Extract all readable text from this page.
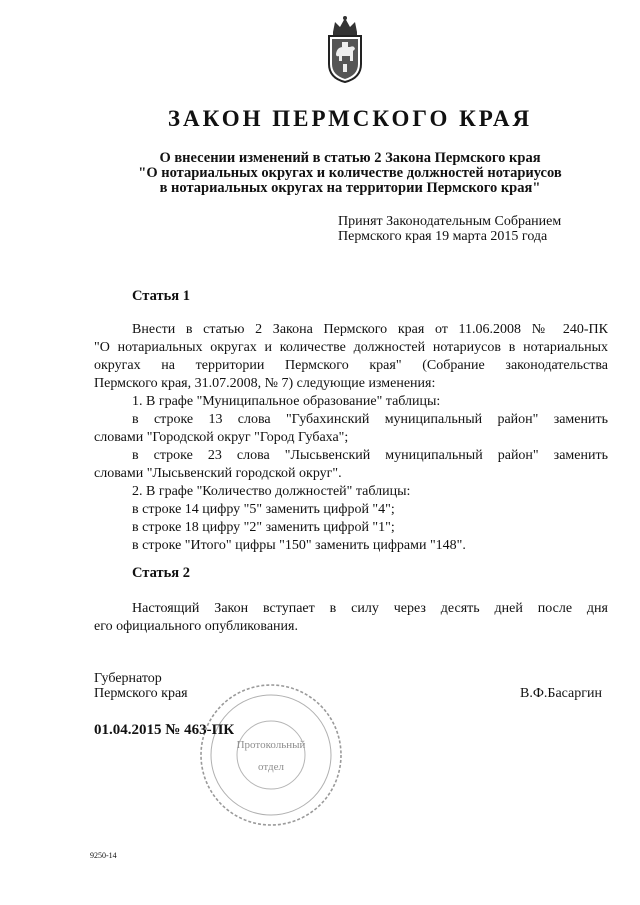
ЗАКОН ПЕРМСКОГО КРАЯ
О внесении изменений в статью 2 Закона Пермского края
"О нотариальных округах и количестве должностей нотариусов
в нотариальных округах на территории Пермского края"
Принят Законодательным Собранием
Пермского края 19 марта 2015 года
Статья 1
Внести в статью 2 Закона Пермского края от 11.06.2008 № 240-ПК
"О нотариальных округах и количестве должностей нотариусов в нотариальных
округах на территории Пермского края" (Собрание законодательства
Пермского края, 31.07.2008, № 7) следующие изменения:
1. В графе "Муниципальное образование" таблицы:
в строке 13 слова "Губахинский муниципальный район" заменить
словами "Городской округ "Город Губаха";
в строке 23 слова "Лысьвенский муниципальный район" заменить
словами "Лысьвенский городской округ".
2. В графе "Количество должностей" таблицы:
в строке 14 цифру "5" заменить цифрой "4";
в строке 18 цифру "2" заменить цифрой "1";
в строке "Итого" цифры "150" заменить цифрами "148".
Статья 2
Настоящий Закон вступает в силу через десять дней после дня
его официального опубликования.
Протокольный
отдел
Губернатор
Пермского края	В.Ф.Басаргин
01.04.2015 № 463-ПК
9250-14
